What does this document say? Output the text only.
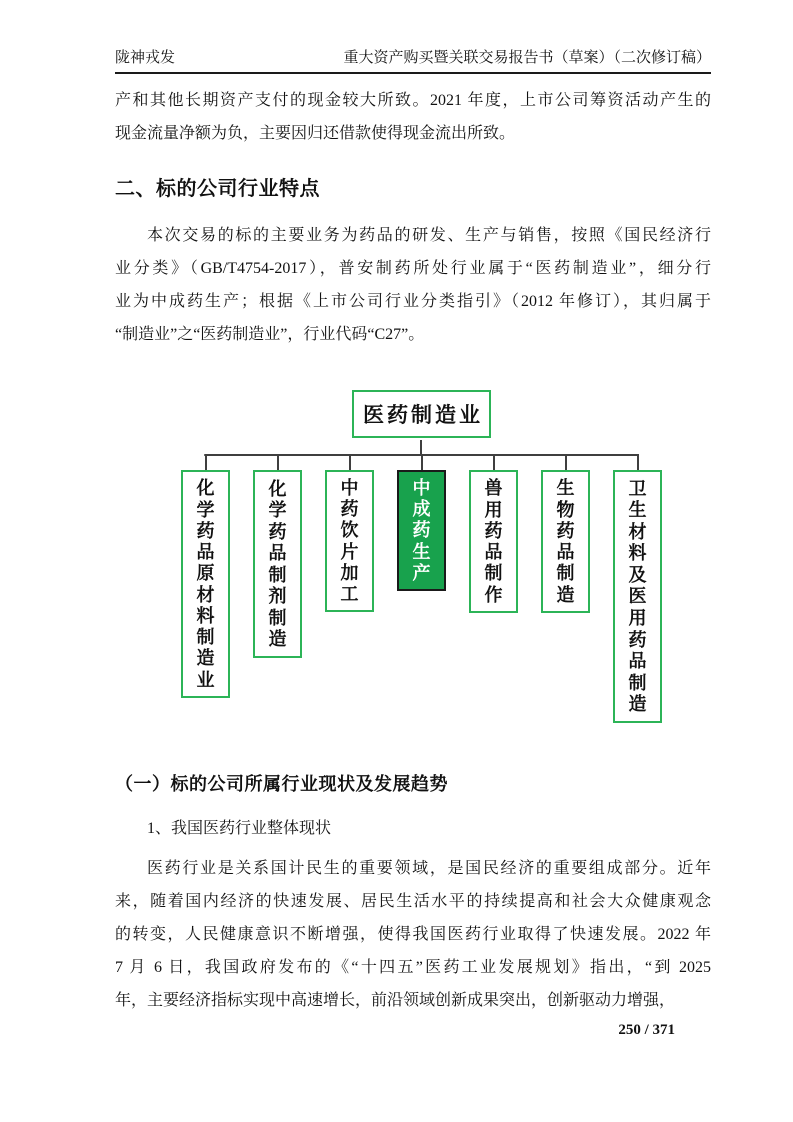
陇神戎发	重大资产购买暨关联交易报告书（草案）（二次修订稿）
产和其他长期资产支付的现金较大所致。2021 年度，上市公司筹资活动产生的
现金流量净额为负，主要因归还借款使得现金流出所致。
二、标的公司行业特点
本次交易的标的主要业务为药品的研发、生产与销售，按照《国民经济行
业分类》（GB/T4754-2017），普安制药所处行业属于“医药制造业”，细分行
业为中成药生产；根据《上市公司行业分类指引》（2012 年修订），其归属于
“制造业”之“医药制造业”，行业代码“C27”。
医药制造业
化
学
药
品
原
材
料
制
造
业
化
学
药
品
制
剂
制
造
中
药
饮
片
加
工
中
成
药
生
产
兽
用
药
品
制
作
生
物
药
品
制
造
卫
生
材
料
及
医
用
药
品
制
造
（一）标的公司所属行业现状及发展趋势
1、我国医药行业整体现状
医药行业是关系国计民生的重要领域，是国民经济的重要组成部分。近年
来，随着国内经济的快速发展、居民生活水平的持续提高和社会大众健康观念
的转变，人民健康意识不断增强，使得我国医药行业取得了快速发展。2022 年
7 月 6 日，我国政府发布的《“十四五”医药工业发展规划》指出，“到 2025
年，主要经济指标实现中高速增长，前沿领域创新成果突出，创新驱动力增强，
250 / 371
